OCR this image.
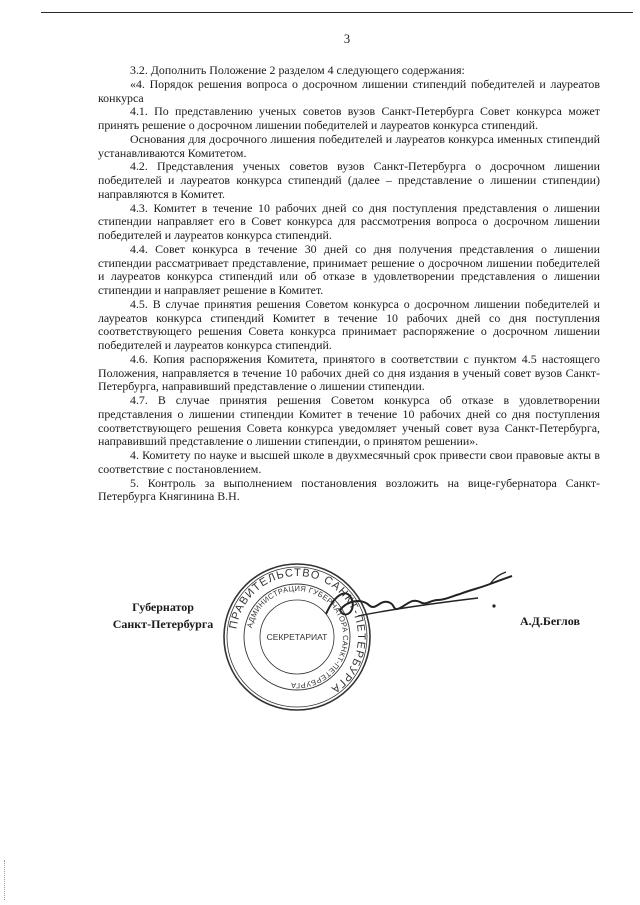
3

3.2. Дополнить Положение 2 разделом 4 следующего содержания:

«4. Порядок решения вопроса о досрочном лишении стипендий победителей и лауреатов конкурса

4.1. По представлению ученых советов вузов Санкт-Петербурга Совет конкурса может принять решение о досрочном лишении победителей и лауреатов конкурса стипендий.

Основания для досрочного лишения победителей и лауреатов конкурса именных стипендий устанавливаются Комитетом.

4.2. Представления ученых советов вузов Санкт-Петербурга о досрочном лишении победителей и лауреатов конкурса стипендий (далее – представление о лишении стипендии) направляются в Комитет.

4.3. Комитет в течение 10 рабочих дней со дня поступления представления о лишении стипендии направляет его в Совет конкурса для рассмотрения вопроса о досрочном лишении победителей и лауреатов конкурса стипендий.

4.4. Совет конкурса в течение 30 дней со дня получения представления о лишении стипендии рассматривает представление, принимает решение о досрочном лишении победителей и лауреатов конкурса стипендий или об отказе в удовлетворении представления о лишении стипендии и направляет решение в Комитет.

4.5. В случае принятия решения Советом конкурса о досрочном лишении победителей и лауреатов конкурса стипендий Комитет в течение 10 рабочих дней со дня поступления соответствующего решения Совета конкурса принимает распоряжение о досрочном лишении победителей и лауреатов конкурса стипендий.

4.6. Копия распоряжения Комитета, принятого в соответствии с пунктом 4.5 настоящего Положения, направляется в течение 10 рабочих дней со дня издания в ученый совет вузов Санкт-Петербурга, направивший представление о лишении стипендии.

4.7. В случае принятия решения Советом конкурса об отказе в удовлетворении представления о лишении стипендии Комитет в течение 10 рабочих дней со дня поступления соответствующего решения Совета конкурса уведомляет ученый совет вуза Санкт-Петербурга, направивший представление о лишении стипендии, о принятом решении».

4. Комитету по науке и высшей школе в двухмесячный срок привести свои правовые акты в соответствие с постановлением.

5. Контроль за выполнением постановления возложить на вице-губернатора Санкт-Петербурга Княгинина В.Н.

Губернатор
Санкт-Петербурга	ПРАВИТЕЛЬСТВО САНКТ-ПЕТЕРБУРГА
АДМИНИСТРАЦИЯ ГУБЕРНАТОРА САНКТ-ПЕТЕРБУРГА
СЕКРЕТАРИАТ
А.Д.Беглов
